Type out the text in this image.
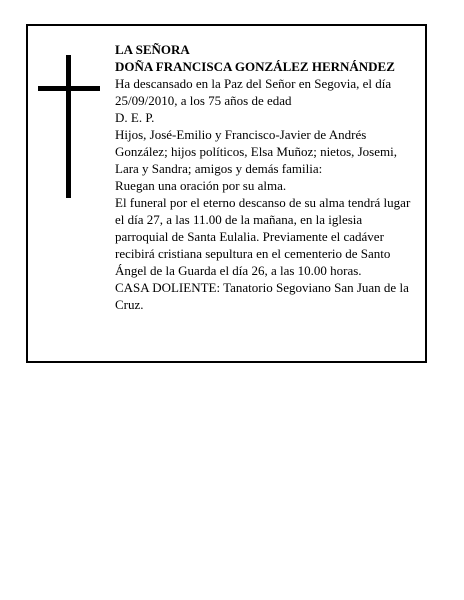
LA SEÑORA

DOÑA FRANCISCA GONZÁLEZ HERNÁNDEZ

Ha descansado en la Paz del Señor en Segovia, el día 25/09/2010, a los 75 años de edad

D. E. P.

Hijos, José-Emilio y Francisco-Javier de Andrés González; hijos políticos, Elsa Muñoz; nietos, Josemi, Lara y Sandra; amigos y demás familia:

Ruegan una oración por su alma.

El funeral por el eterno descanso de su alma tendrá lugar el día 27, a las 11.00 de la mañana, en la iglesia parroquial de Santa Eulalia. Previamente el cadáver recibirá cristiana sepultura en el cementerio de Santo Ángel de la Guarda el día 26, a las 10.00 horas.

CASA DOLIENTE: Tanatorio Segoviano San Juan de la Cruz.
